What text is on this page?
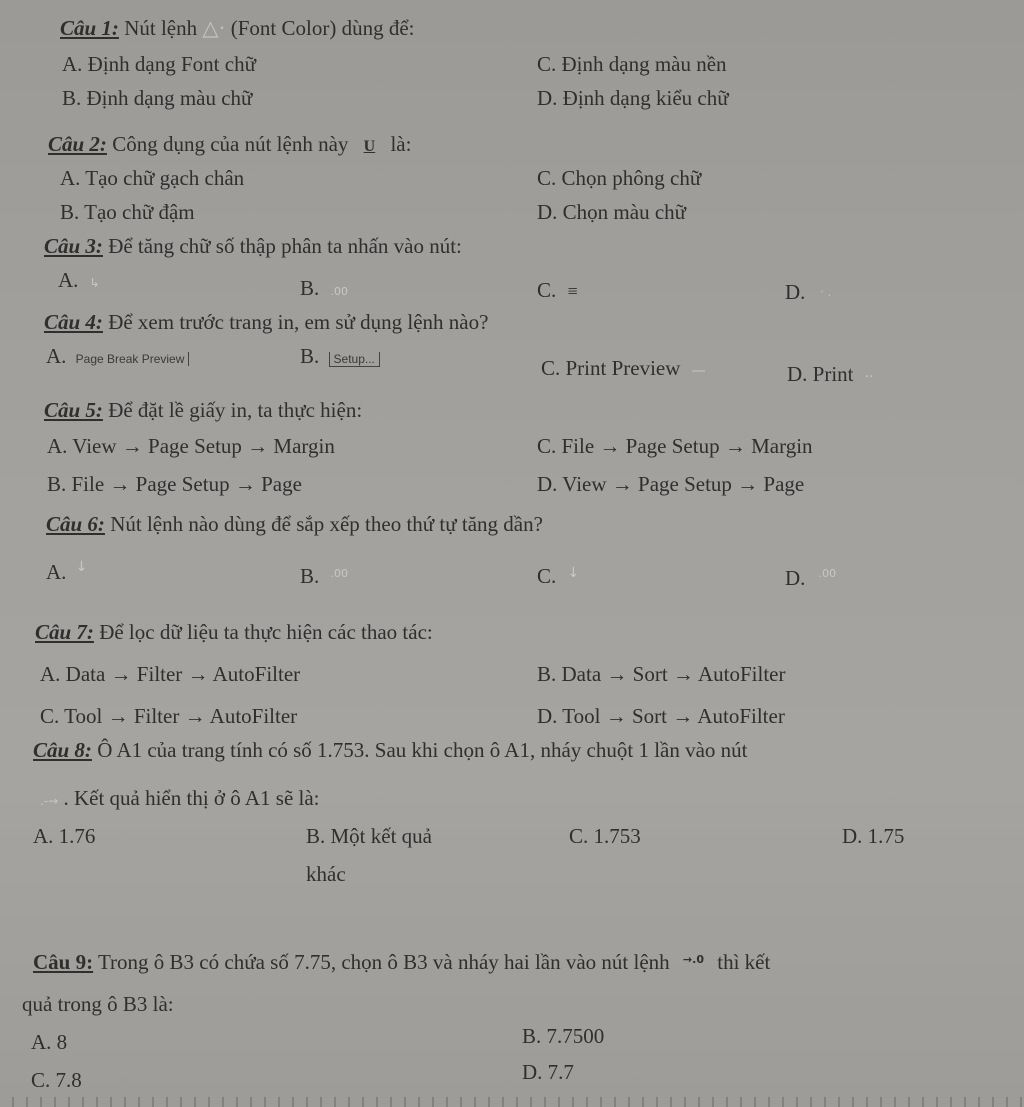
Câu 1: Nút lệnh △· (Font Color) dùng để:
A. Định dạng Font chữ	C. Định dạng màu nền
B. Định dạng màu chữ	D. Định dạng kiểu chữ
Câu 2: Công dụng của nút lệnh này U là:
A. Tạo chữ gạch chân	C. Chọn phông chữ
B. Tạo chữ đậm	D. Chọn màu chữ
Câu 3: Để tăng chữ số thập phân ta nhấn vào nút:
A. ↳	B. .00	C. ≡	D. ´ ·
Câu 4: Để xem trước trang in, em sử dụng lệnh nào?
A. Page Break Preview	B. Setup...	C. Print Preview —	D. Print ··
Câu 5: Để đặt lề giấy in, ta thực hiện:
A. View → Page Setup → Margin	C. File → Page Setup → Margin
B. File → Page Setup → Page	D. View → Page Setup → Page
Câu 6: Nút lệnh nào dùng để sắp xếp theo thứ tự tăng dần?
A. ↓	B. $^{.00}$	C. ↓	D. $^{.00}$
Câu 7: Để lọc dữ liệu ta thực hiện các thao tác:
A. Data → Filter → AutoFilter	B. Data → Sort → AutoFilter
C. Tool → Filter → AutoFilter	D. Tool → Sort → AutoFilter
Câu 8: Ô A1 của trang tính có số 1.753. Sau khi chọn ô A1, nháy chuột 1 lần vào nút
.-→ . Kết quả hiển thị ở ô A1 sẽ là:
A. 1.76	B. Một kết quả
khác
C. 1.753	D. 1.75
Câu 9: Trong ô B3 có chứa số 7.75, chọn ô B3 và nháy hai lần vào nút lệnh $^{\to.0}$ thì kết
quả trong ô B3 là:
A. 8	B. 7.7500
C. 7.8	D. 7.7
